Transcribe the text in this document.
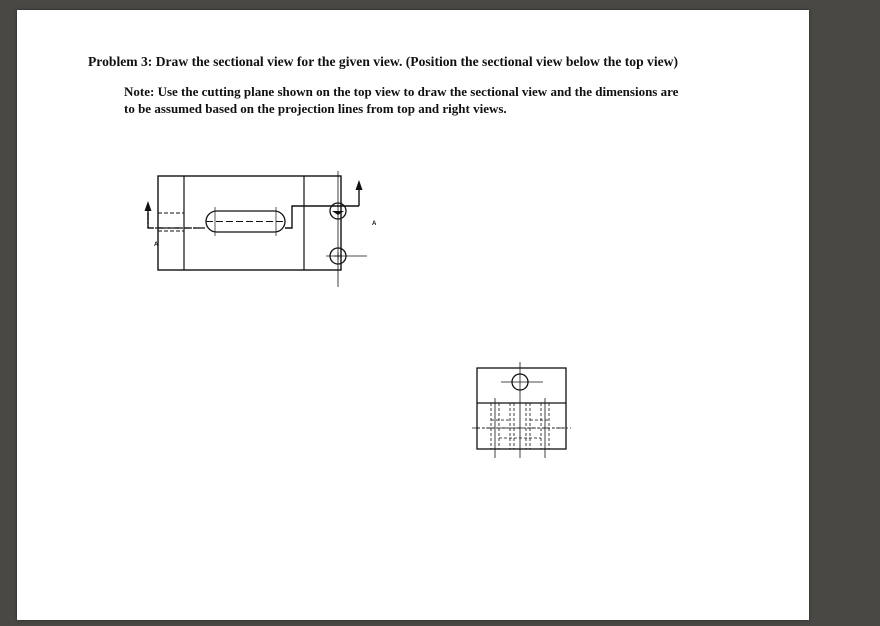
Problem 3: Draw the sectional view for the given view. (Position the sectional view below the top view)

Note: Use the cutting plane shown on the top view to draw the sectional view and the dimensions are
to be assumed based on the projection lines from top and right views.
A
A
